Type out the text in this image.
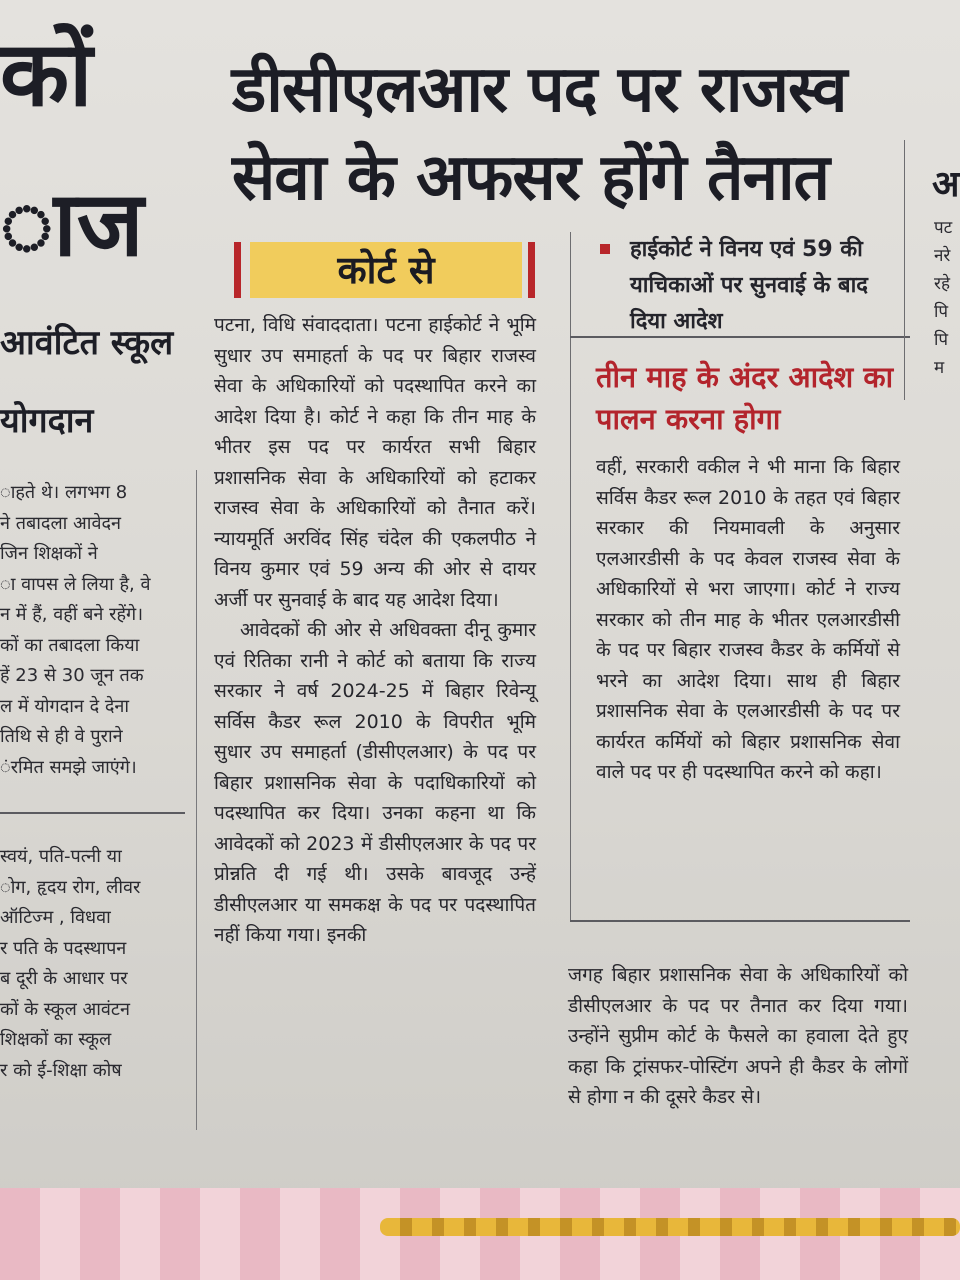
कों
ाज
आवंटित स्कूल
योगदान
ाहते थे। लगभग 8
ने तबादला आवेदन
जिन शिक्षकों ने
ा वापस ले लिया है, वे
न में हैं, वहीं बने रहेंगे।
कों का तबादला किया
हें 23 से 30 जून तक
ल में योगदान दे देना
तिथि से ही वे पुराने
ंरमित समझे जाएंगे।
स्वयं, पति-पत्नी या
ोग, हृदय रोग, लीवर
ऑटिज्म , विधवा
र पति के पदस्थापन
ब दूरी के आधार पर
कों के स्कूल आवंटन
शिक्षकों का स्कूल
र को ई-शिक्षा कोष
डीसीएलआर पद पर राजस्व
सेवा के अफसर होंगे तैनात
कोर्ट से

पटना, विधि संवाददाता। पटना हाईकोर्ट ने भूमि सुधार उप समाहर्ता के पद पर बिहार राजस्व सेवा के अधिकारियों को पदस्थापित करने का आदेश दिया है। कोर्ट ने कहा कि तीन माह के भीतर इस पद पर कार्यरत सभी बिहार प्रशासनिक सेवा के अधिकारियों को हटाकर राजस्व सेवा के अधिकारियों को तैनात करें। न्यायमूर्ति अरविंद सिंह चंदेल की एकलपीठ ने विनय कुमार एवं 59 अन्य की ओर से दायर अर्जी पर सुनवाई के बाद यह आदेश दिया।

आवेदकों की ओर से अधिवक्ता दीनू कुमार एवं रितिका रानी ने कोर्ट को बताया कि राज्य सरकार ने वर्ष 2024-25 में बिहार रिवेन्यू सर्विस कैडर रूल 2010 के विपरीत भूमि सुधार उप समाहर्ता (डीसीएलआर) के पद पर बिहार प्रशासनिक सेवा के पदाधिकारियों को पदस्थापित कर दिया। उनका कहना था कि आवेदकों को 2023 में डीसीएलआर के पद पर प्रोन्नति दी गई थी। उसके बावजूद उन्हें डीसीएलआर या समकक्ष के पद पर पदस्थापित नहीं किया गया। इनकी

हाईकोर्ट ने विनय एवं 59 की याचिकाओं पर सुनवाई के बाद दिया आदेश
तीन माह के अंदर आदेश का पालन करना होगा

वहीं, सरकारी वकील ने भी माना कि बिहार सर्विस कैडर रूल 2010 के तहत एवं बिहार सरकार की नियमावली के अनुसार एलआरडीसी के पद केवल राजस्व सेवा के अधिकारियों से भरा जाएगा। कोर्ट ने राज्य सरकार को तीन माह के भीतर एलआरडीसी के पद पर बिहार राजस्व कैडर के कर्मियों से भरने का आदेश दिया। साथ ही बिहार प्रशासनिक सेवा के एलआरडीसी के पद पर कार्यरत कर्मियों को बिहार प्रशासनिक सेवा वाले पद पर ही पदस्थापित करने को कहा।

जगह बिहार प्रशासनिक सेवा के अधिकारियों को डीसीएलआर के पद पर तैनात कर दिया गया। उन्होंने सुप्रीम कोर्ट के फैसले का हवाला देते हुए कहा कि ट्रांसफर-पोस्टिंग अपने ही कैडर के लोगों से होगा न की दूसरे कैडर से।

अ
पट
नरे
रहे
पि
पि
म
